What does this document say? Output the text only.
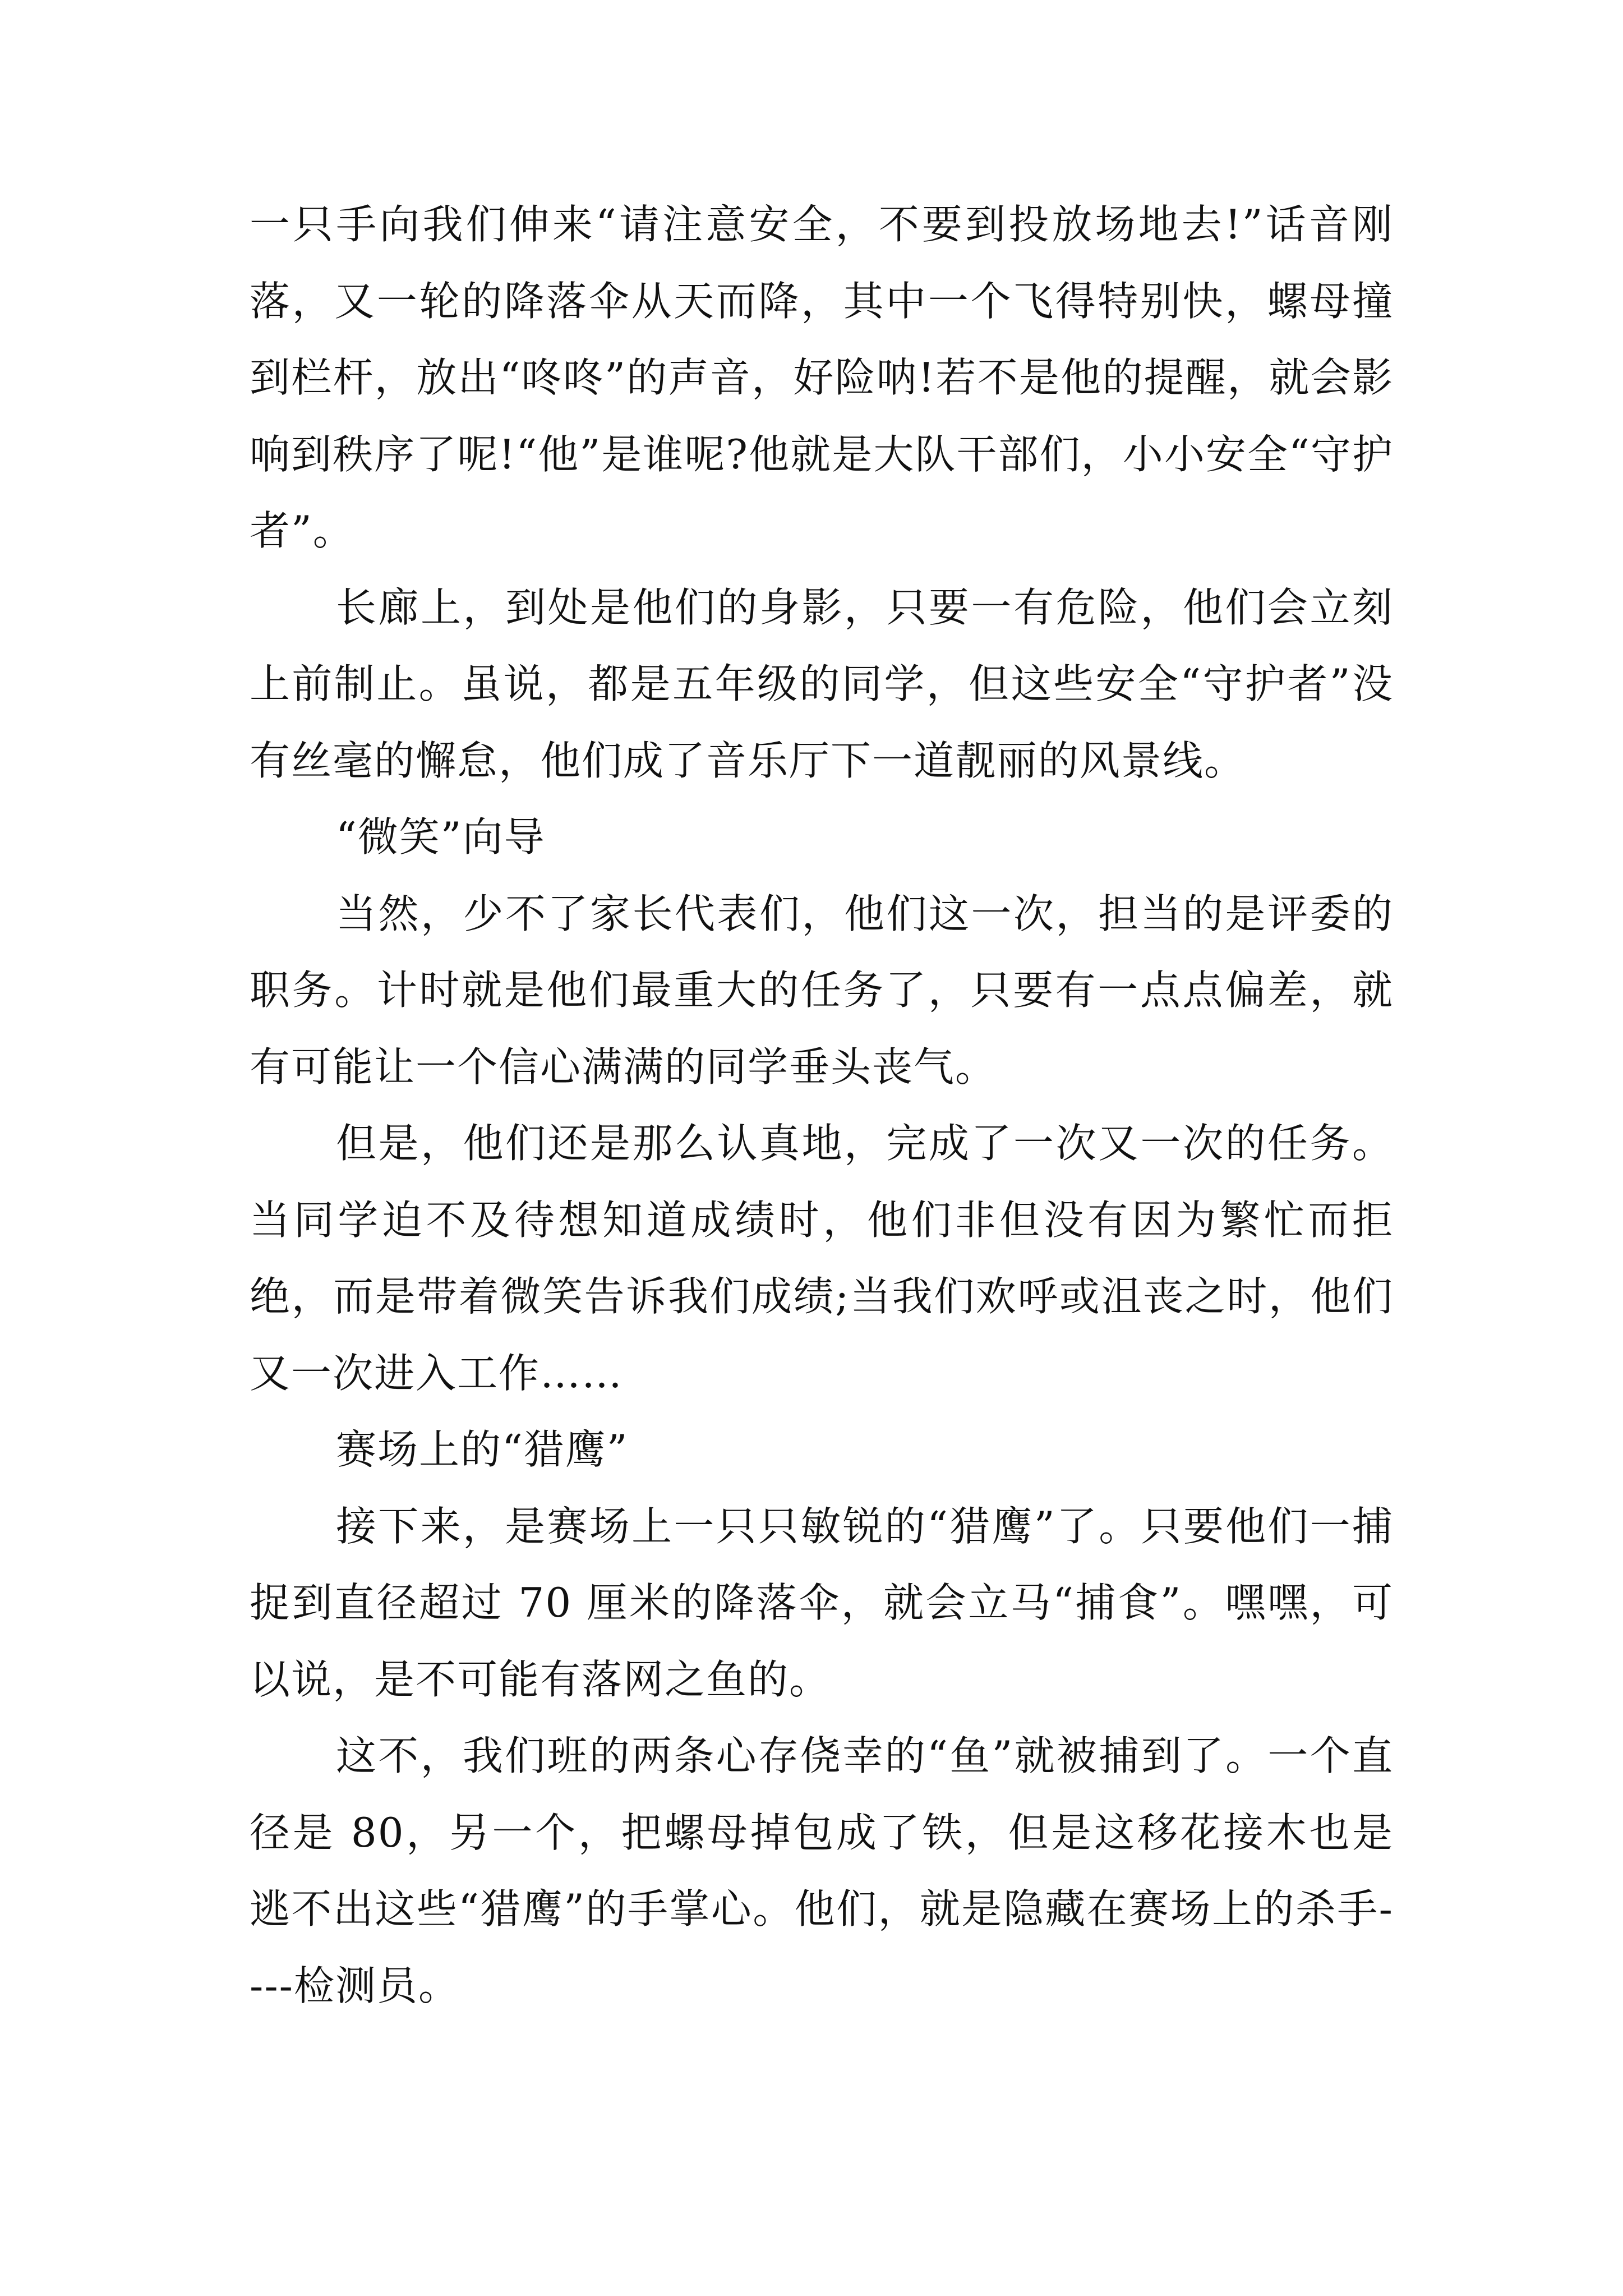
一只手向我们伸来“请注意安全，不要到投放场地去!”话音刚落，又一轮的降落伞从天而降，其中一个飞得特别快，螺母撞到栏杆，放出“咚咚”的声音，好险呐!若不是他的提醒，就会影响到秩序了呢!“他”是谁呢?他就是大队干部们，小小安全“守护者”。

长廊上，到处是他们的身影，只要一有危险，他们会立刻上前制止。虽说，都是五年级的同学，但这些安全“守护者”没有丝毫的懈怠，他们成了音乐厅下一道靓丽的风景线。

“微笑”向导

当然，少不了家长代表们，他们这一次，担当的是评委的职务。计时就是他们最重大的任务了，只要有一点点偏差，就有可能让一个信心满满的同学垂头丧气。

但是，他们还是那么认真地，完成了一次又一次的任务。当同学迫不及待想知道成绩时，他们非但没有因为繁忙而拒绝，而是带着微笑告诉我们成绩;当我们欢呼或沮丧之时，他们又一次进入工作……

赛场上的“猎鹰”

接下来，是赛场上一只只敏锐的“猎鹰”了。只要他们一捕捉到直径超过 70 厘米的降落伞，就会立马“捕食”。嘿嘿，可以说，是不可能有落网之鱼的。

这不，我们班的两条心存侥幸的“鱼”就被捕到了。一个直径是 80，另一个，把螺母掉包成了铁，但是这移花接木也是逃不出这些“猎鹰”的手掌心。他们，就是隐藏在赛场上的杀手----检测员。
